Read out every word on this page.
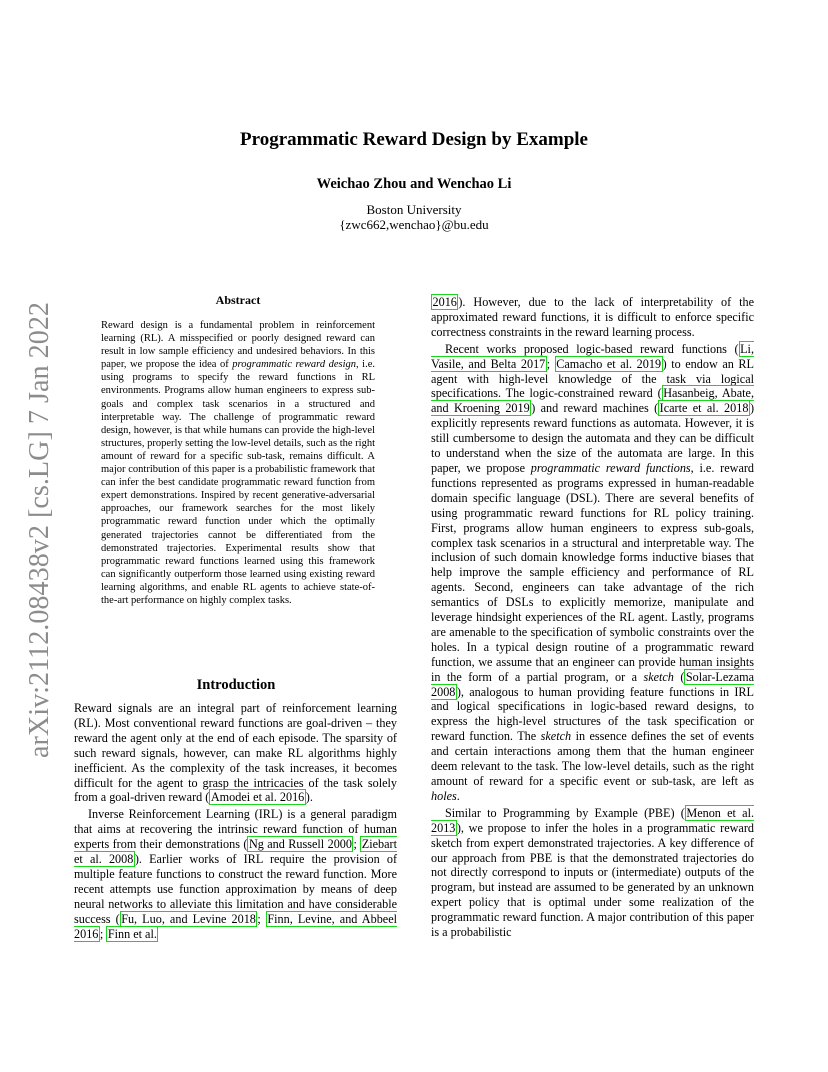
Programmatic Reward Design by Example
Weichao Zhou and Wenchao Li
Boston University
{zwc662,wenchao}@bu.edu
arXiv:2112.08438v2 [cs.LG] 7 Jan 2022	Abstract
Reward design is a fundamental problem in reinforcement learning (RL). A misspecified or poorly designed reward can result in low sample efficiency and undesired behaviors. In this paper, we propose the idea of programmatic reward design, i.e. using programs to specify the reward functions in RL environments. Programs allow human engineers to express sub-goals and complex task scenarios in a structured and interpretable way. The challenge of programmatic reward design, however, is that while humans can provide the high-level structures, properly setting the low-level details, such as the right amount of reward for a specific sub-task, remains difficult. A major contribution of this paper is a probabilistic framework that can infer the best candidate programmatic reward function from expert demonstrations. Inspired by recent generative-adversarial approaches, our framework searches for the most likely programmatic reward function under which the optimally generated trajectories cannot be differentiated from the demonstrated trajectories. Experimental results show that programmatic reward functions learned using this framework can significantly outperform those learned using existing reward learning algorithms, and enable RL agents to achieve state-of-the-art performance on highly complex tasks.
Introduction

Reward signals are an integral part of reinforcement learning (RL). Most conventional reward functions are goal-driven – they reward the agent only at the end of each episode. The sparsity of such reward signals, however, can make RL algorithms highly inefficient. As the complexity of the task increases, it becomes difficult for the agent to grasp the intricacies of the task solely from a goal-driven reward ( Amodei et al. 2016 ).

Inverse Reinforcement Learning (IRL) is a general paradigm that aims at recovering the intrinsic reward function of human experts from their demonstrations ( Ng and Russell 2000 ; Ziebart et al. 2008 ). Earlier works of IRL require the provision of multiple feature functions to construct the reward function. More recent attempts use function approximation by means of deep neural networks to alleviate this limitation and have considerable success ( Fu, Luo, and Levine 2018 ; Finn, Levine, and Abbeel 2016 ; Finn et al.

2016 ). However, due to the lack of interpretability of the approximated reward functions, it is difficult to enforce specific correctness constraints in the reward learning process.

Recent works proposed logic-based reward functions ( Li, Vasile, and Belta 2017 ; Camacho et al. 2019 ) to endow an RL agent with high-level knowledge of the task via logical specifications. The logic-constrained reward ( Hasanbeig, Abate, and Kroening 2019 ) and reward machines ( Icarte et al. 2018 ) explicitly represents reward functions as automata. However, it is still cumbersome to design the automata and they can be difficult to understand when the size of the automata are large. In this paper, we propose programmatic reward functions, i.e. reward functions represented as programs expressed in human-readable domain specific language (DSL). There are several benefits of using programmatic reward functions for RL policy training. First, programs allow human engineers to express sub-goals, complex task scenarios in a structural and interpretable way. The inclusion of such domain knowledge forms inductive biases that help improve the sample efficiency and performance of RL agents. Second, engineers can take advantage of the rich semantics of DSLs to explicitly memorize, manipulate and leverage hindsight experiences of the RL agent. Lastly, programs are amenable to the specification of symbolic constraints over the holes. In a typical design routine of a programmatic reward function, we assume that an engineer can provide human insights in the form of a partial program, or a sketch ( Solar-Lezama 2008 ), analogous to human providing feature functions in IRL and logical specifications in logic-based reward designs, to express the high-level structures of the task specification or reward function. The sketch in essence defines the set of events and certain interactions among them that the human engineer deem relevant to the task. The low-level details, such as the right amount of reward for a specific event or sub-task, are left as holes.

Similar to Programming by Example (PBE) ( Menon et al. 2013 ), we propose to infer the holes in a programmatic reward sketch from expert demonstrated trajectories. A key difference of our approach from PBE is that the demonstrated trajectories do not directly correspond to inputs or (intermediate) outputs of the program, but instead are assumed to be generated by an unknown expert policy that is optimal under some realization of the programmatic reward function. A major contribution of this paper is a probabilistic
